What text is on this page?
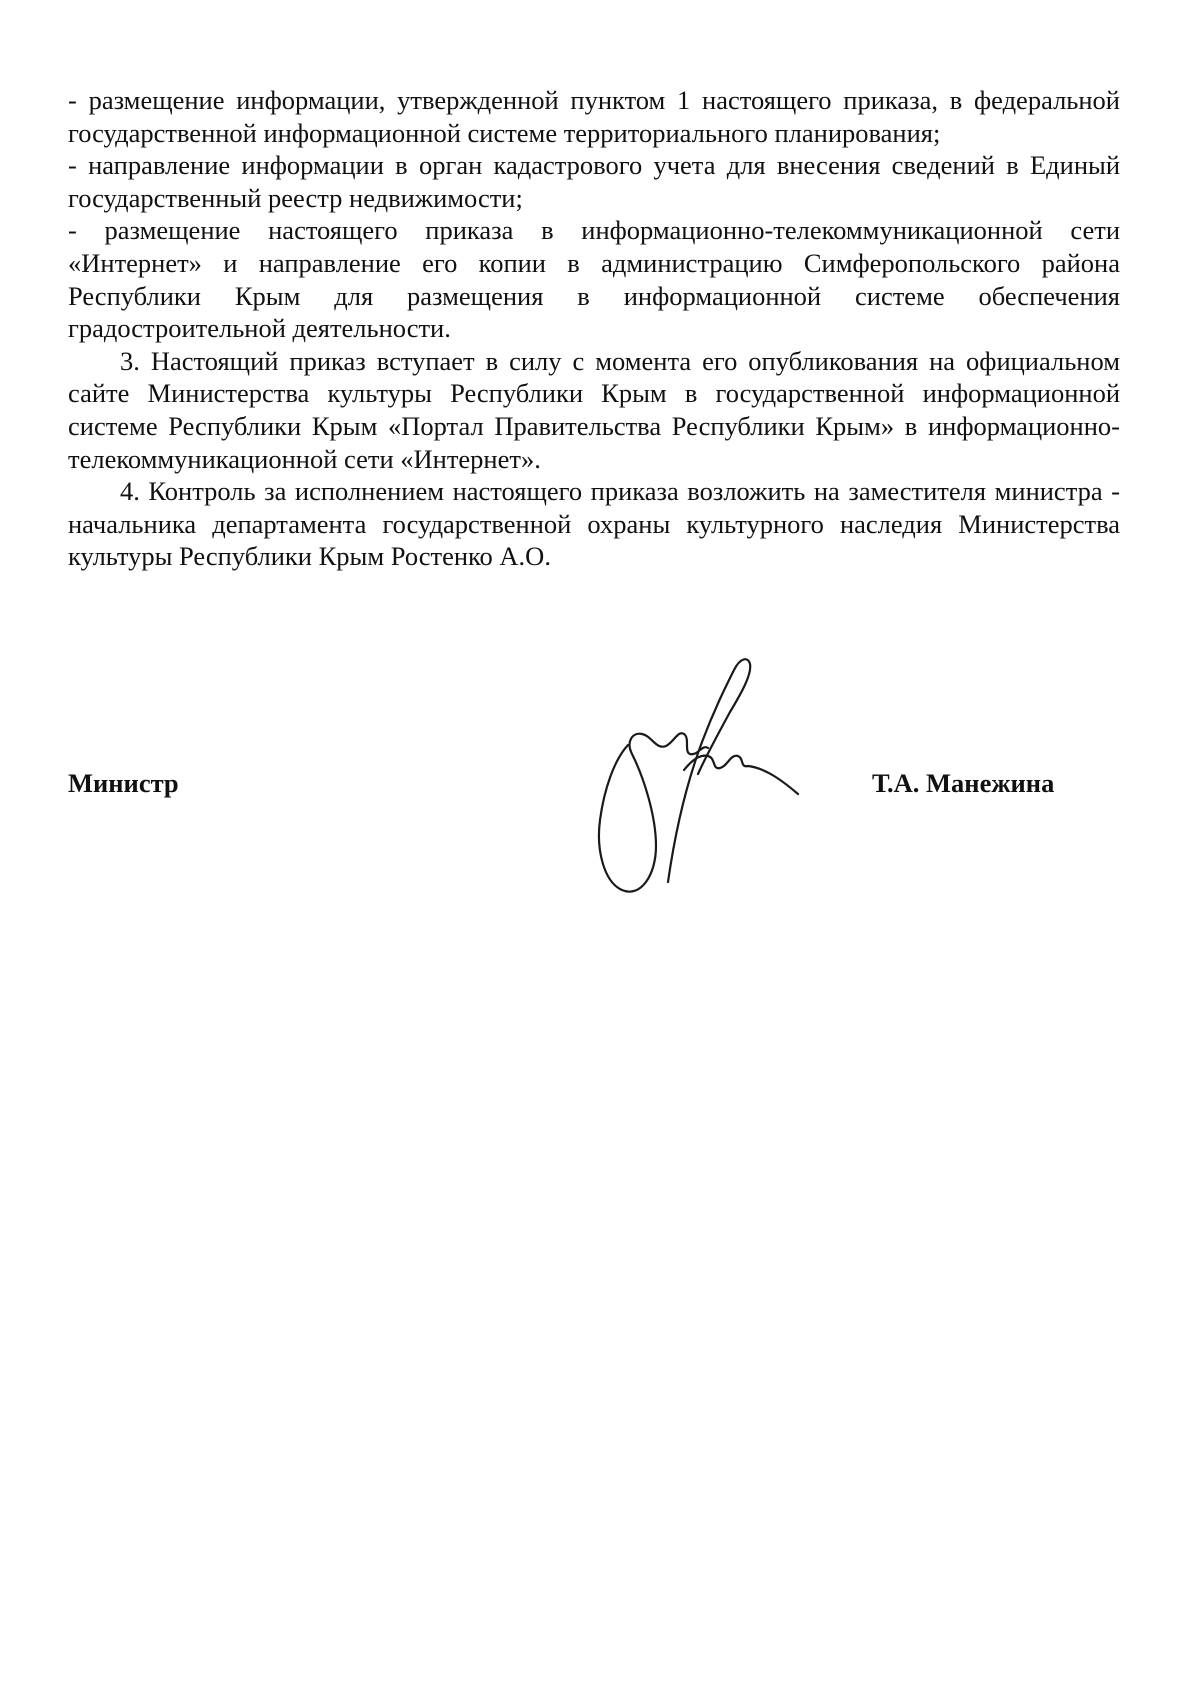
- размещение информации, утвержденной пунктом 1 настоящего приказа, в федеральной государственной информационной системе территориального планирования;

- направление информации в орган кадастрового учета для внесения сведений в Единый государственный реестр недвижимости;

- размещение настоящего приказа в информационно-телекоммуникационной сети «Интернет» и направление его копии в администрацию Симферопольского района Республики Крым для размещения в информационной системе обеспечения градостроительной деятельности.

3. Настоящий приказ вступает в силу с момента его опубликования на официальном сайте Министерства культуры Республики Крым в государственной информационной системе Республики Крым «Портал Правительства Республики Крым» в информационно-телекоммуникационной сети «Интернет».

4. Контроль за исполнением настоящего приказа возложить на заместителя министра - начальника департамента государственной охраны культурного наследия Министерства культуры Республики Крым Ростенко А.О.

Министр	Т.А. Манежина
